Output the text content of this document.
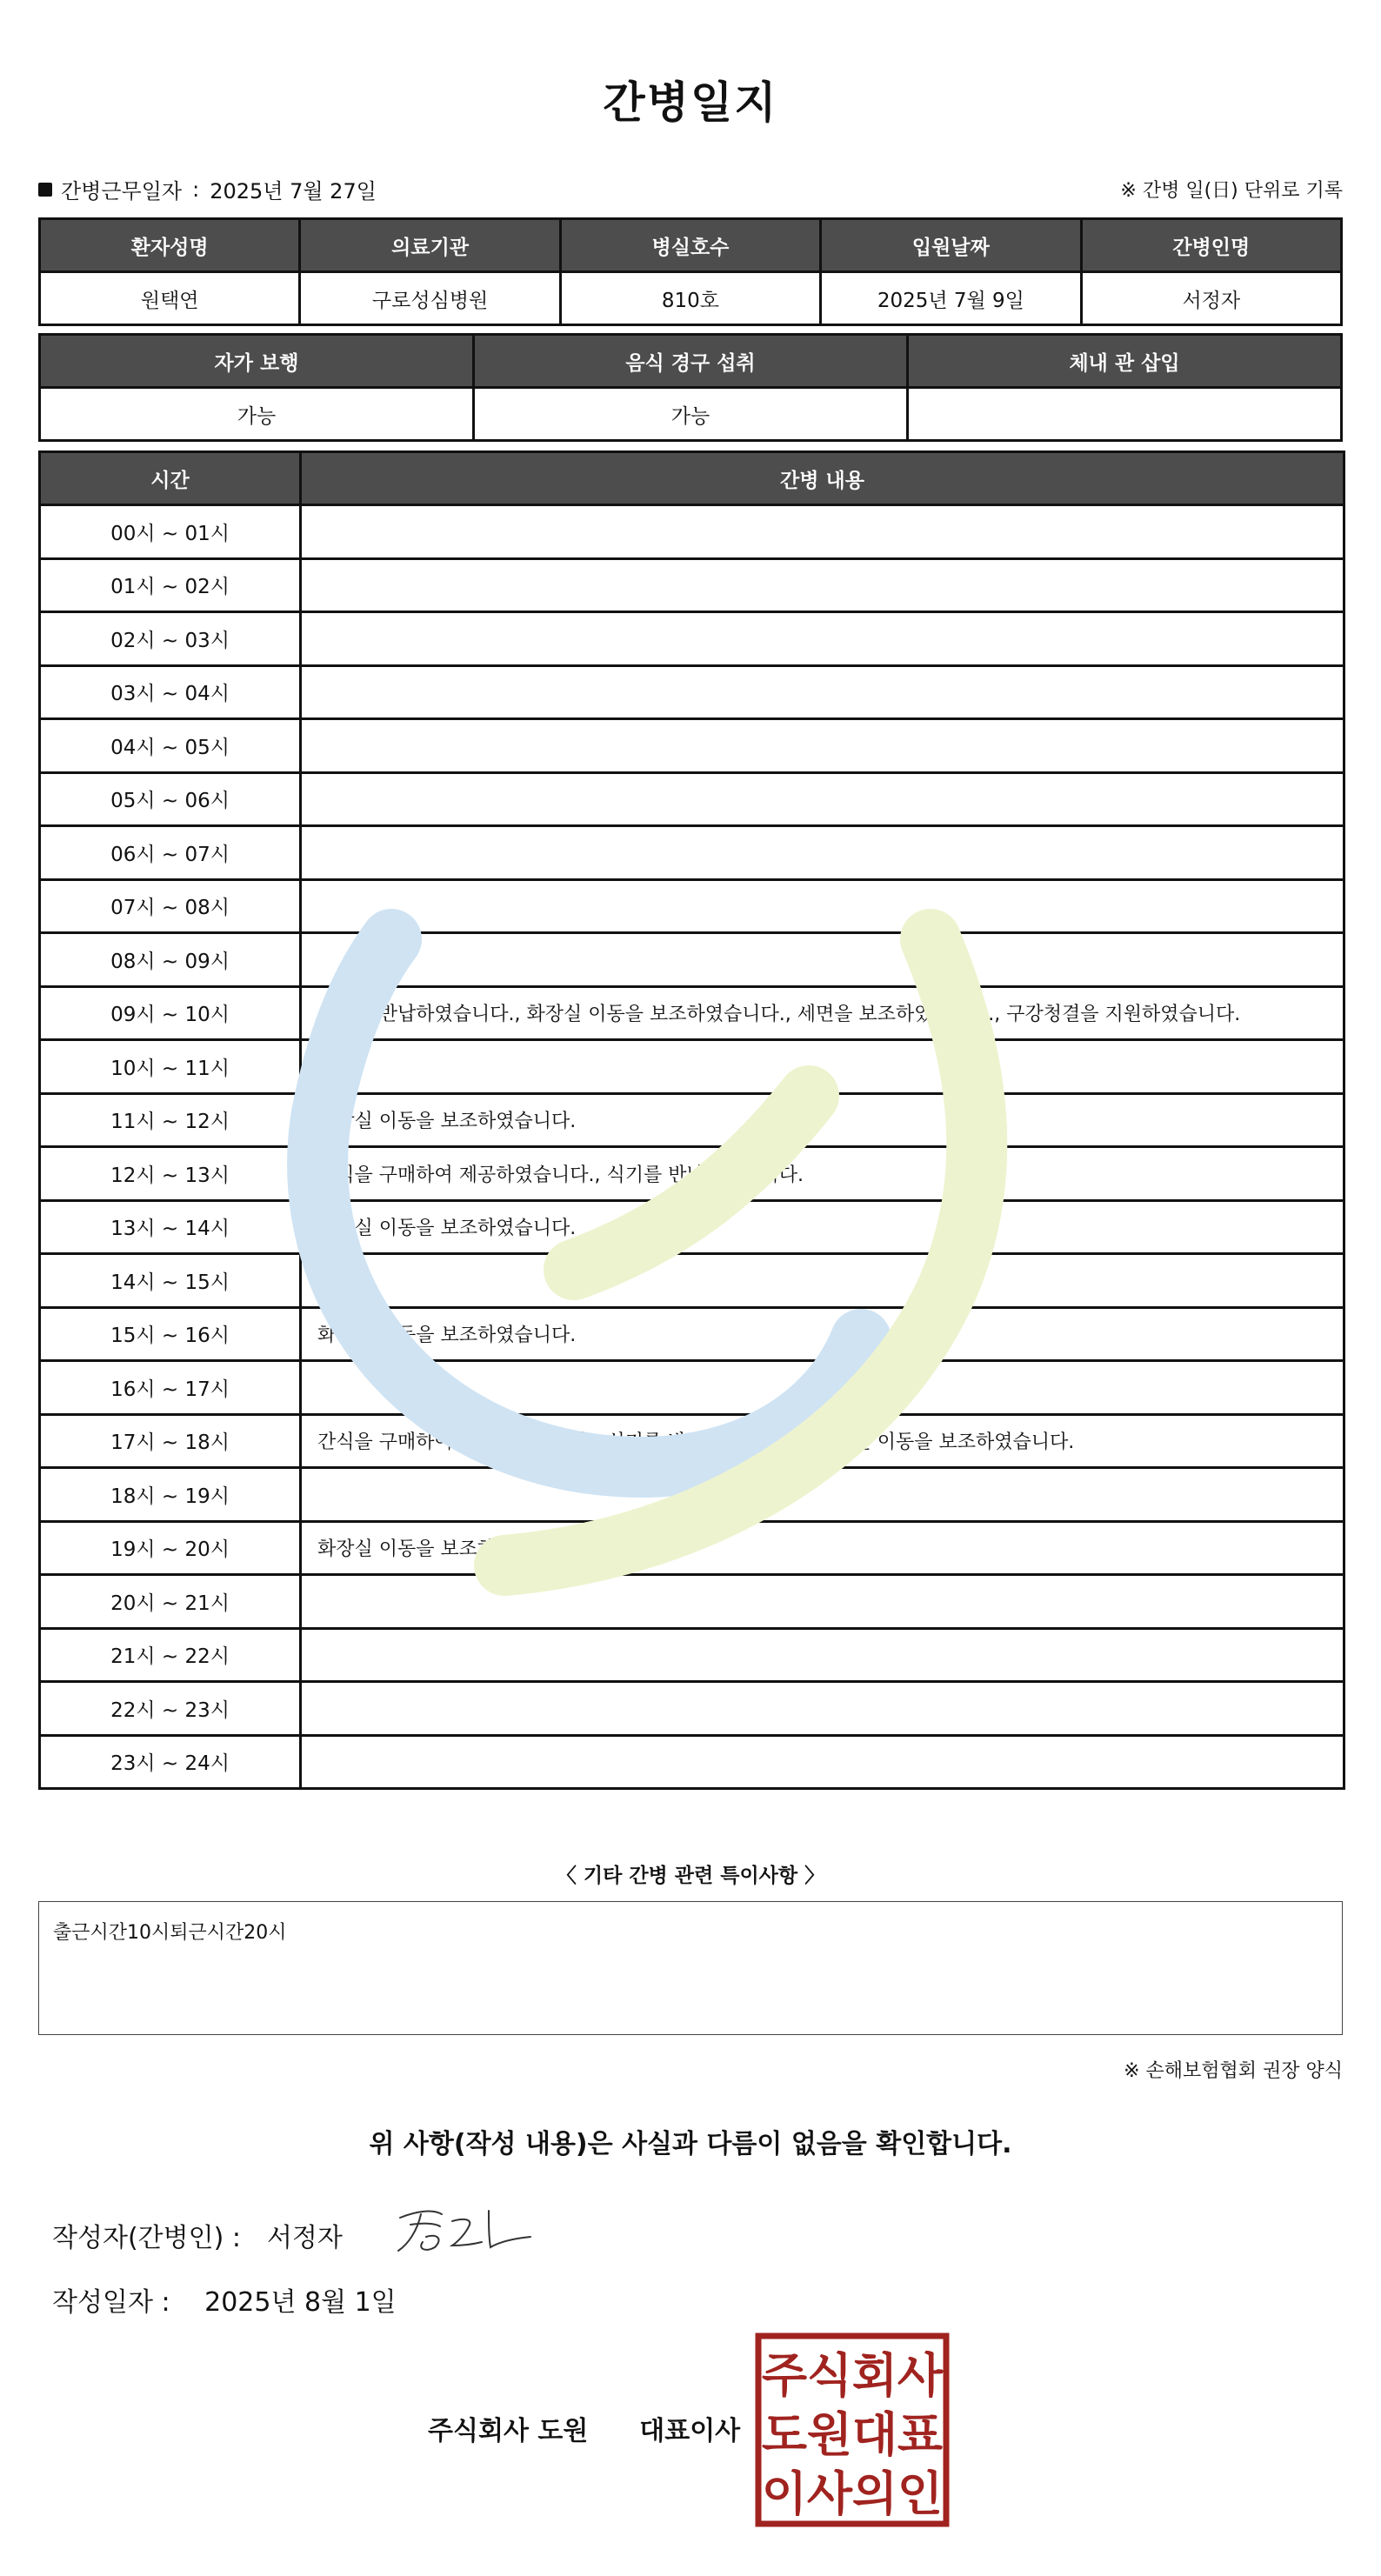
간병일지
간병근무일자 : 2025년 7월 27일	※ 간병 일(日) 단위로 기록
환자성명	의료기관	병실호수	입원날짜	간병인명
원택연	구로성심병원	810호	2025년 7월 9일	서정자
자가 보행	음식 경구 섭취	체내 관 삽입
가능	가능	
시간	간병 내용
00시 ~ 01시	
01시 ~ 02시	
02시 ~ 03시	
03시 ~ 04시	
04시 ~ 05시	
05시 ~ 06시	
06시 ~ 07시	
07시 ~ 08시	
08시 ~ 09시	
09시 ~ 10시	식기를 반납하였습니다., 화장실 이동을 보조하였습니다., 세면을 보조하였습니다., 구강청결을 지원하였습니다.
10시 ~ 11시	
11시 ~ 12시	화장실 이동을 보조하였습니다.
12시 ~ 13시	간식을 구매하여 제공하였습니다., 식기를 반납하였습니다.
13시 ~ 14시	화장실 이동을 보조하였습니다.
14시 ~ 15시	
15시 ~ 16시	화장실 이동을 보조하였습니다.
16시 ~ 17시	
17시 ~ 18시	간식을 구매하여 제공하였습니다., 식기를 반납하였습니다., 화장실 이동을 보조하였습니다.
18시 ~ 19시	
19시 ~ 20시	화장실 이동을 보조하였습니다.
20시 ~ 21시	
21시 ~ 22시	
22시 ~ 23시	
23시 ~ 24시	
〈 기타 간병 관련 특이사항 〉
출근시간10시퇴근시간20시
※ 손해보험협회 권장 양식
위 사항(작성 내용)은 사실과 다름이 없음을 확인합니다.
작성자(간병인) : 서정자
작성일자 : 2025년 8월 1일
주식회사 도원 대표이사
주 식 회 사
도 원 대 표
이 사 의 인
